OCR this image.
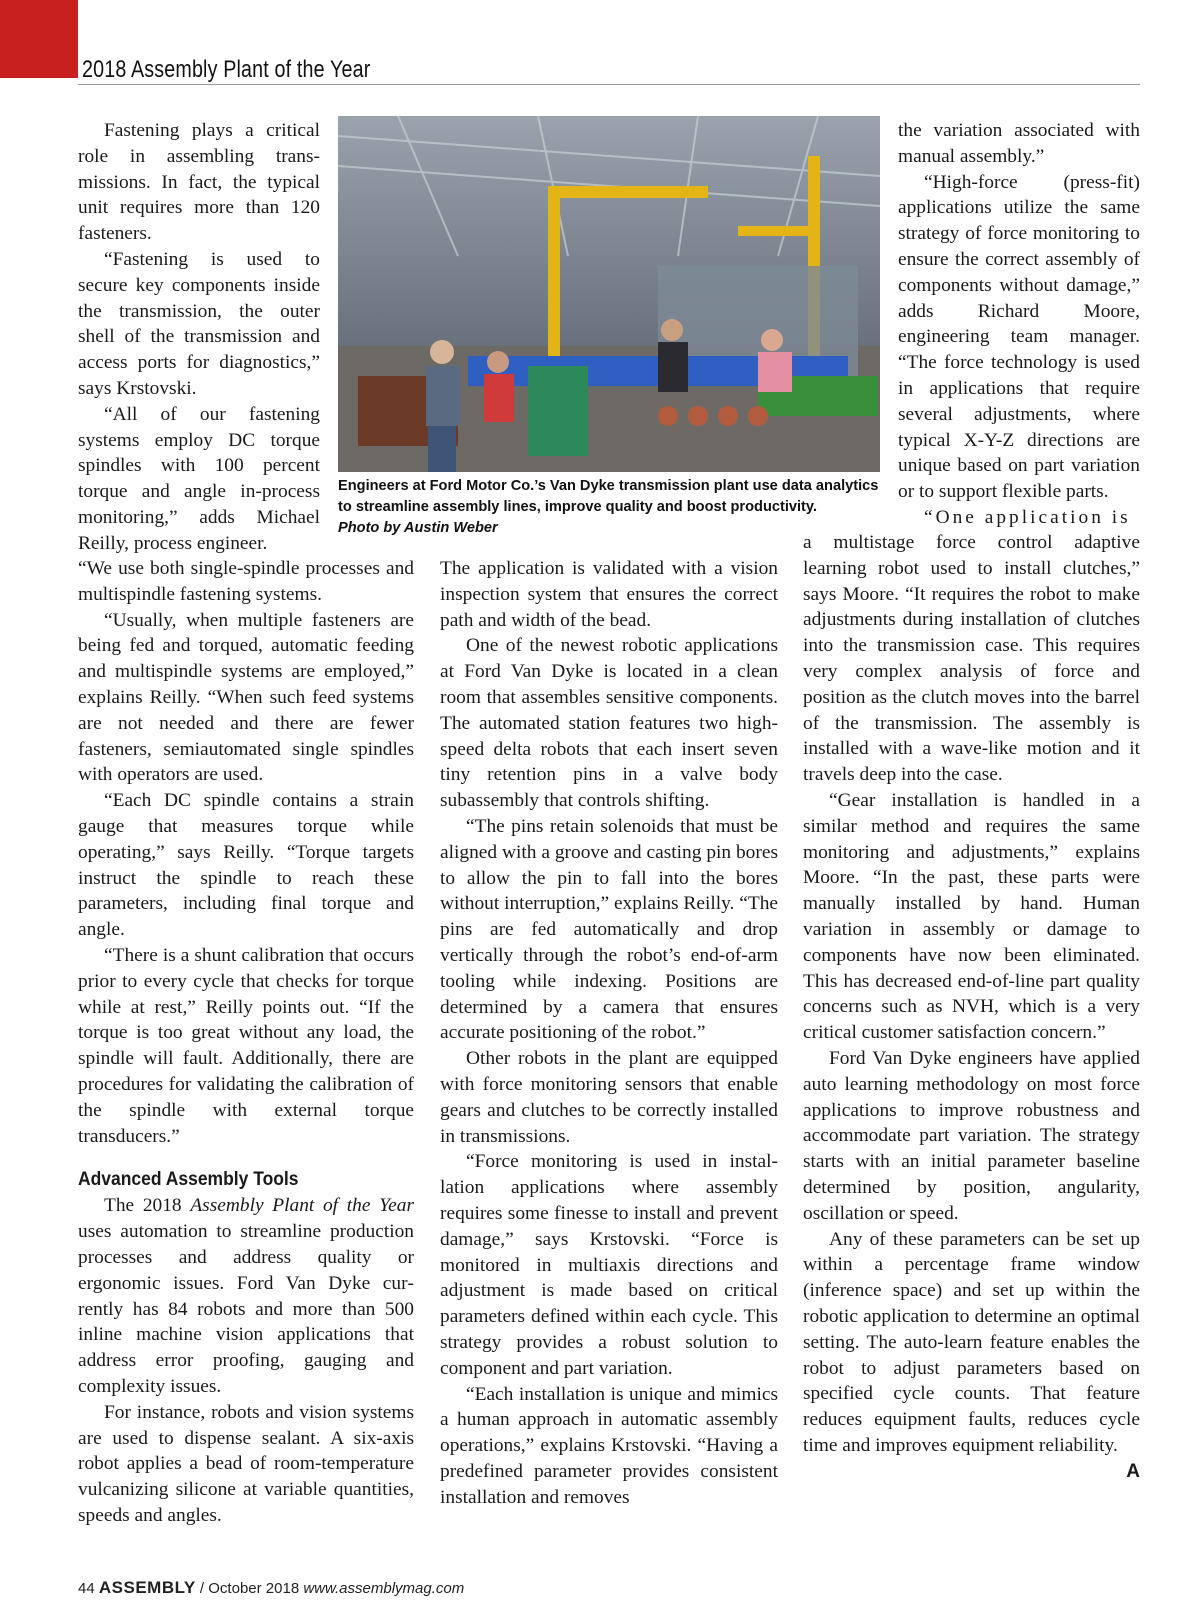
2018 Assembly Plant of the Year

Fastening plays a critical role in assembling transmissions. In fact, the typical unit requires more than 120 fasteners.

“Fastening is used to secure key components inside the transmission, the outer shell of the transmission and access ports for diagnostics,” says Krstovski.

“All of our fastening systems employ DC torque spindles with 100 percent torque and angle in-process monitoring,” adds Michael Reilly, process engineer.

“We use both single-spindle processes and multispindle fastening systems.

“Usually, when multiple fasteners are being fed and torqued, automatic feeding and multispindle systems are employed,” explains Reilly. “When such feed systems are not needed and there are fewer fasteners, semiautomated single spindles with operators are used.

“Each DC spindle contains a strain gauge that measures torque while operating,” says Reilly. “Torque targets instruct the spindle to reach these parameters, including final torque and angle.

“There is a shunt calibration that occurs prior to every cycle that checks for torque while at rest,” Reilly points out. “If the torque is too great without any load, the spindle will fault. Additionally, there are procedures for validating the calibration of the spindle with external torque transducers.”

Advanced Assembly Tools

The 2018 Assembly Plant of the Year uses automation to streamline production processes and address quality or ergonomic issues. Ford Van Dyke currently has 84 robots and more than 500 inline machine vision applications that address error proofing, gauging and complexity issues.

For instance, robots and vision systems are used to dispense sealant. A six-axis robot applies a bead of room-temperature vulcanizing silicone at variable quantities, speeds and angles.

Engineers at Ford Motor Co.’s Van Dyke transmission plant use data analytics to streamline assembly lines, improve quality and boost productivity.
Photo by Austin Weber

The application is validated with a vision inspection system that ensures the correct path and width of the bead.

One of the newest robotic applications at Ford Van Dyke is located in a clean room that assembles sensitive components. The automated station features two high-speed delta robots that each insert seven tiny retention pins in a valve body subassembly that controls shifting.

“The pins retain solenoids that must be aligned with a groove and casting pin bores to allow the pin to fall into the bores without interruption,” explains Reilly. “The pins are fed automatically and drop vertically through the robot’s end-of-arm tooling while indexing. Positions are determined by a camera that ensures accurate positioning of the robot.”

Other robots in the plant are equipped with force monitoring sensors that enable gears and clutches to be correctly installed in transmissions.

“Force monitoring is used in installation applications where assembly requires some finesse to install and prevent damage,” says Krstovski. “Force is monitored in multiaxis directions and adjustment is made based on critical parameters defined within each cycle. This strategy provides a robust solution to component and part variation.

“Each installation is unique and mimics a human approach in automatic assembly operations,” explains Krstovski. “Having a predefined parameter provides consistent installation and removes

the variation associated with manual assembly.”

“High-force (press-fit) applications utilize the same strategy of force monitoring to ensure the correct assembly of components without damage,” adds Richard Moore, engineering team manager. “The force technology is used in applications that require several adjustments, where typical X-Y-Z directions are unique based on part variation or to support flexible parts.

“One application is

a multistage force control adaptive learning robot used to install clutches,” says Moore. “It requires the robot to make adjustments during installation of clutches into the transmission case. This requires very complex analysis of force and position as the clutch moves into the barrel of the transmission. The assembly is installed with a wave-like motion and it travels deep into the case.

“Gear installation is handled in a similar method and requires the same monitoring and adjustments,” explains Moore. “In the past, these parts were manually installed by hand. Human variation in assembly or damage to components have now been eliminated. This has decreased end-of-line part quality concerns such as NVH, which is a very critical customer satisfaction concern.”

Ford Van Dyke engineers have applied auto learning methodology on most force applications to improve robustness and accommodate part variation. The strategy starts with an initial parameter baseline determined by position, angularity, oscillation or speed.

Any of these parameters can be set up within a percentage frame window (inference space) and set up within the robotic application to determine an optimal setting. The auto-learn feature enables the robot to adjust parameters based on specified cycle counts. That feature reduces equipment faults, reduces cycle time and improves equipment reliability.
A

44 ASSEMBLY / October 2018 www.assemblymag.com
